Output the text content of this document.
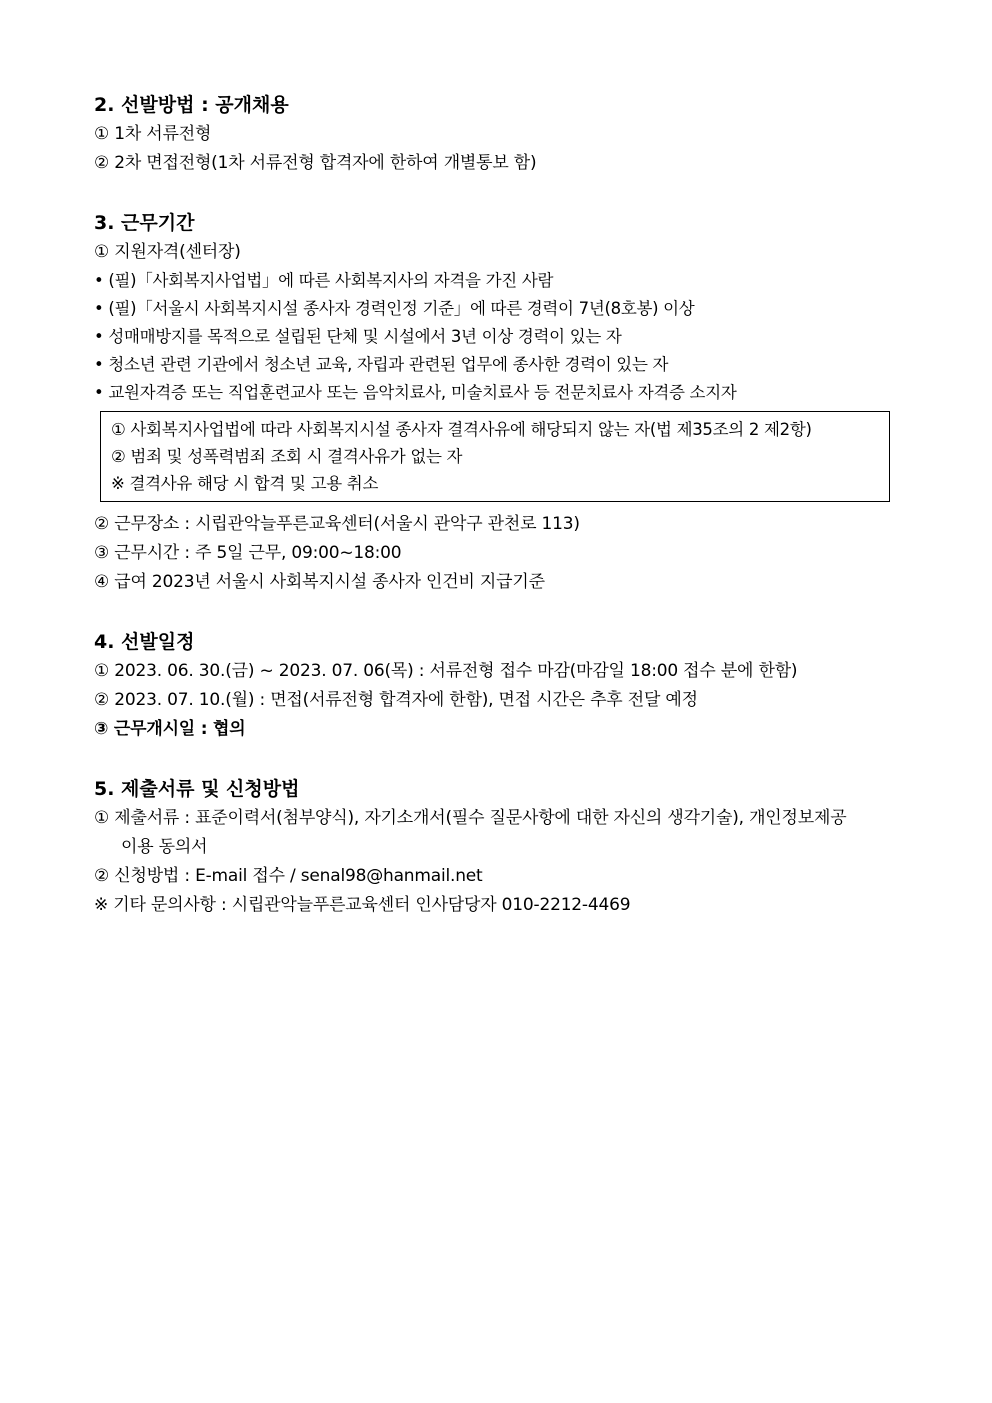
2. 선발방법 : 공개채용
① 1차 서류전형
② 2차 면접전형(1차 서류전형 합격자에 한하여 개별통보 함)
3. 근무기간
① 지원자격(센터장)
• (필)「사회복지사업법」에 따른 사회복지사의 자격을 가진 사람
• (필)「서울시 사회복지시설 종사자 경력인정 기준」에 따른 경력이 7년(8호봉) 이상
• 성매매방지를 목적으로 설립된 단체 및 시설에서 3년 이상 경력이 있는 자
• 청소년 관련 기관에서 청소년 교육, 자립과 관련된 업무에 종사한 경력이 있는 자
• 교원자격증 또는 직업훈련교사 또는 음악치료사, 미술치료사 등 전문치료사 자격증 소지자
① 사회복지사업법에 따라 사회복지시설 종사자 결격사유에 해당되지 않는 자(법 제35조의 2 제2항)
② 범죄 및 성폭력범죄 조회 시 결격사유가 없는 자
※ 결격사유 해당 시 합격 및 고용 취소
② 근무장소 : 시립관악늘푸른교육센터(서울시 관악구 관천로 113)
③ 근무시간 : 주 5일 근무, 09:00~18:00
④ 급여 2023년 서울시 사회복지시설 종사자 인건비 지급기준
4. 선발일정
① 2023. 06. 30.(금) ~ 2023. 07. 06(목) : 서류전형 접수 마감(마감일 18:00 접수 분에 한함)
② 2023. 07. 10.(월) : 면접(서류전형 합격자에 한함), 면접 시간은 추후 전달 예정
③ 근무개시일 : 협의
5. 제출서류 및 신청방법
① 제출서류 : 표준이력서(첨부양식), 자기소개서(필수 질문사항에 대한 자신의 생각기술), 개인정보제공
이용 동의서
② 신청방법 : E-mail 접수 / senal98@hanmail.net
※ 기타 문의사항 : 시립관악늘푸른교육센터 인사담당자 010-2212-4469
